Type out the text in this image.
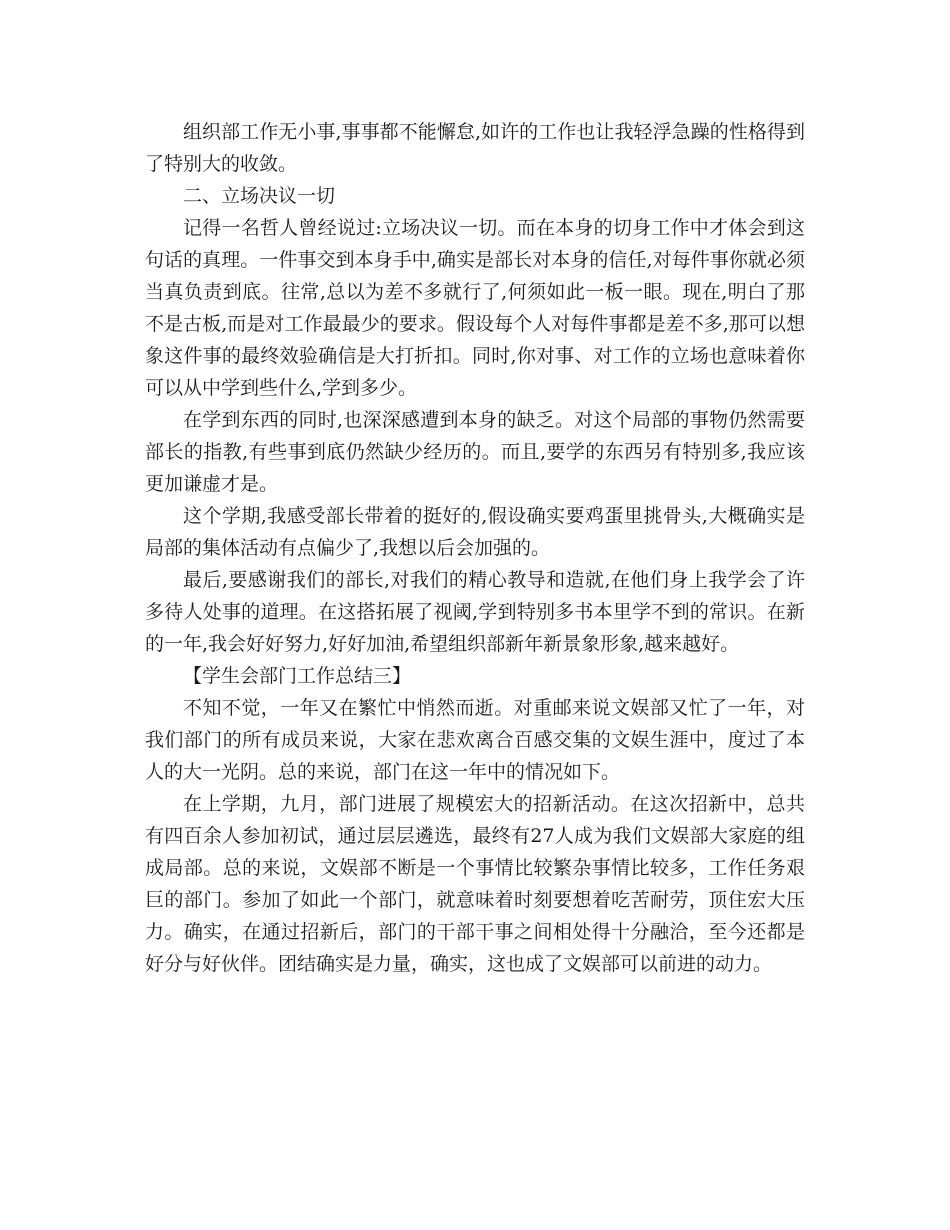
组织部工作无小事,事事都不能懈怠,如许的工作也让我轻浮急躁的性格得到了特别大的收敛。

二、立场决议一切

记得一名哲人曾经说过:立场决议一切。而在本身的切身工作中才体会到这句话的真理。一件事交到本身手中,确实是部长对本身的信任,对每件事你就必须当真负责到底。往常,总以为差不多就行了,何须如此一板一眼。现在,明白了那不是古板,而是对工作最最少的要求。假设每个人对每件事都是差不多,那可以想象这件事的最终效验确信是大打折扣。同时,你对事、对工作的立场也意味着你可以从中学到些什么,学到多少。

在学到东西的同时,也深深感遭到本身的缺乏。对这个局部的事物仍然需要部长的指教,有些事到底仍然缺少经历的。而且,要学的东西另有特别多,我应该更加谦虚才是。

这个学期,我感受部长带着的挺好的,假设确实要鸡蛋里挑骨头,大概确实是局部的集体活动有点偏少了,我想以后会加强的。

最后,要感谢我们的部长,对我们的精心教导和造就,在他们身上我学会了许多待人处事的道理。在这搭拓展了视阈,学到特别多书本里学不到的常识。在新的一年,我会好好努力,好好加油,希望组织部新年新景象形象,越来越好。

【学生会部门工作总结三】

不知不觉，一年又在繁忙中悄然而逝。对重邮来说文娱部又忙了一年，对我们部门的所有成员来说，大家在悲欢离合百感交集的文娱生涯中，度过了本人的大一光阴。总的来说，部门在这一年中的情况如下。

在上学期，九月，部门进展了规模宏大的招新活动。在这次招新中，总共有四百余人参加初试，通过层层遴选，最终有27人成为我们文娱部大家庭的组成局部。总的来说，文娱部不断是一个事情比较繁杂事情比较多，工作任务艰巨的部门。参加了如此一个部门，就意味着时刻要想着吃苦耐劳，顶住宏大压力。确实，在通过招新后，部门的干部干事之间相处得十分融洽，至今还都是好分与好伙伴。团结确实是力量，确实，这也成了文娱部可以前进的动力。
